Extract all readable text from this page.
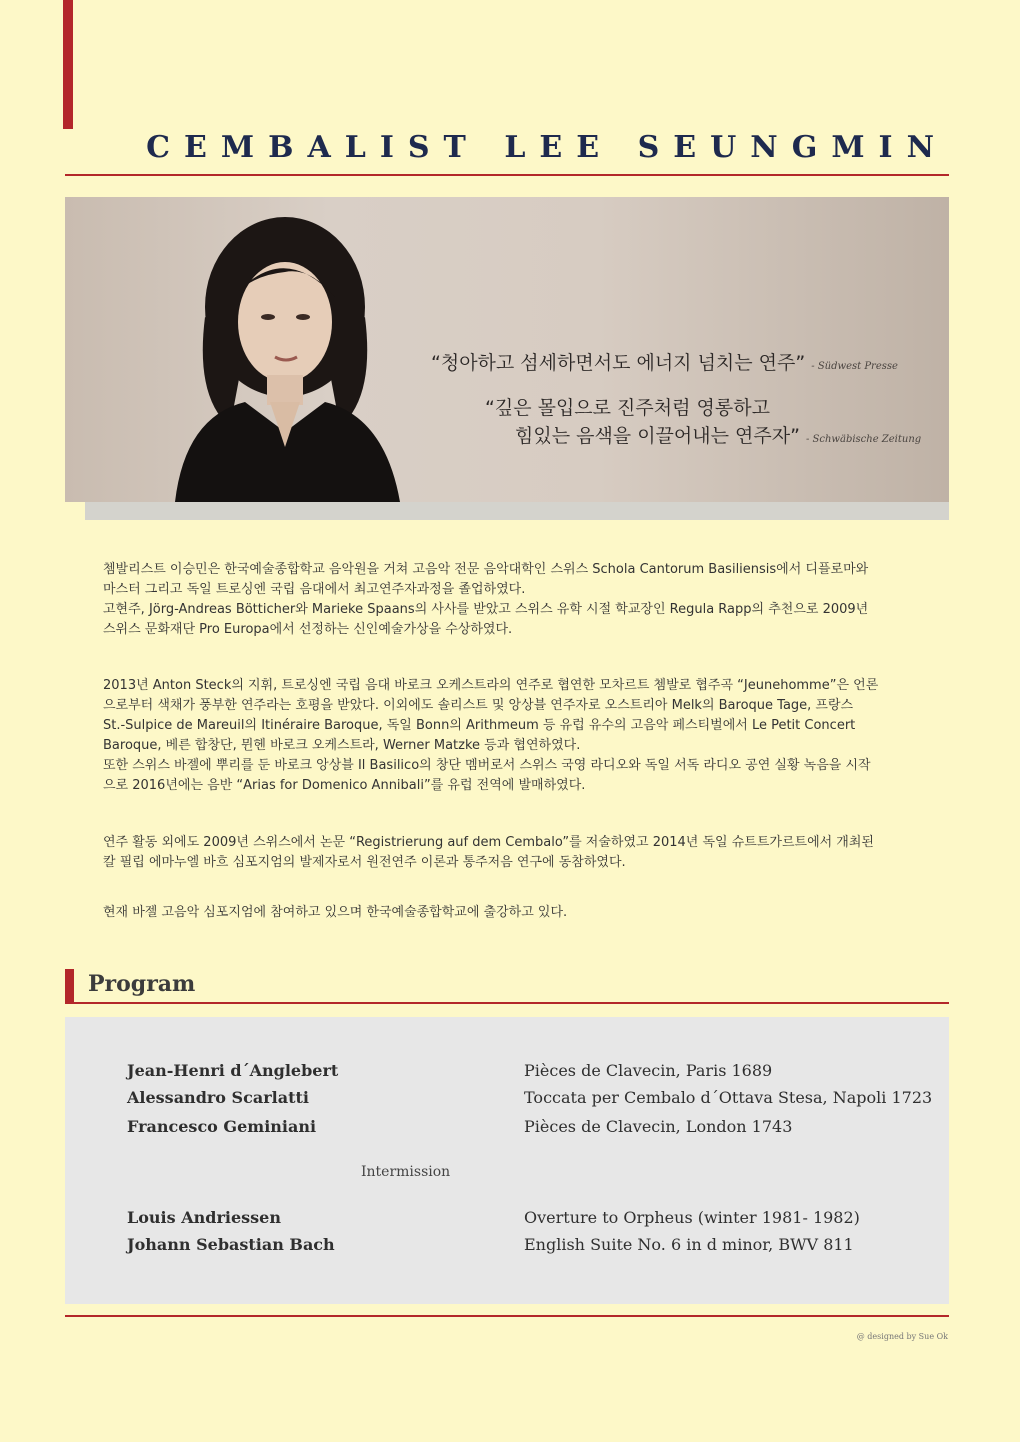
CEMBALIST LEE SEUNGMIN

“청아하고 섬세하면서도 에너지 넘치는 연주” - Südwest Presse

“깊은 몰입으로 진주처럼 영롱하고
힘있는 음색을 이끌어내는 연주자” - Schwäbische Zeitung

쳄발리스트 이승민은 한국예술종합학교 음악원을 거쳐 고음악 전문 음악대학인 스위스 Schola Cantorum Basiliensis에서 디플로마와

마스터 그리고 독일 트로싱엔 국립 음대에서 최고연주자과정을 졸업하였다.

고현주, Jörg-Andreas Bötticher와 Marieke Spaans의 사사를 받았고 스위스 유학 시절 학교장인 Regula Rapp의 추천으로 2009년

스위스 문화재단 Pro Europa에서 선정하는 신인예술가상을 수상하였다.

2013년 Anton Steck의 지휘, 트로싱엔 국립 음대 바로크 오케스트라의 연주로 협연한 모차르트 쳄발로 협주곡 “Jeunehomme”은 언론

으로부터 색채가 풍부한 연주라는 호평을 받았다. 이외에도 솔리스트 및 앙상블 연주자로 오스트리아 Melk의 Baroque Tage, 프랑스

St.-Sulpice de Mareuil의 Itinéraire Baroque, 독일 Bonn의 Arithmeum 등 유럽 유수의 고음악 페스티벌에서 Le Petit Concert

Baroque, 베른 합창단, 뮌헨 바로크 오케스트라, Werner Matzke 등과 협연하였다.

또한 스위스 바젤에 뿌리를 둔 바로크 앙상블 Il Basilico의 창단 멤버로서 스위스 국영 라디오와 독일 서독 라디오 공연 실황 녹음을 시작

으로 2016년에는 음반 “Arias for Domenico Annibali”를 유럽 전역에 발매하였다.

연주 활동 외에도 2009년 스위스에서 논문 “Registrierung auf dem Cembalo”를 저술하였고 2014년 독일 슈트트가르트에서 개최된

칼 필립 에마누엘 바흐 심포지엄의 발제자로서 원전연주 이론과 통주저음 연구에 동참하였다.

현재 바젤 고음악 심포지엄에 참여하고 있으며 한국예술종합학교에 출강하고 있다.

Program
Jean-Henri d´Anglebert	Pièces de Clavecin, Paris 1689
Alessandro Scarlatti	Toccata per Cembalo d´Ottava Stesa, Napoli 1723
Francesco Geminiani	Pièces de Clavecin, London 1743
Intermission
Louis Andriessen	Overture to Orpheus (winter 1981- 1982)
Johann Sebastian Bach	English Suite No. 6 in d minor, BWV 811
@ designed by Sue Ok
